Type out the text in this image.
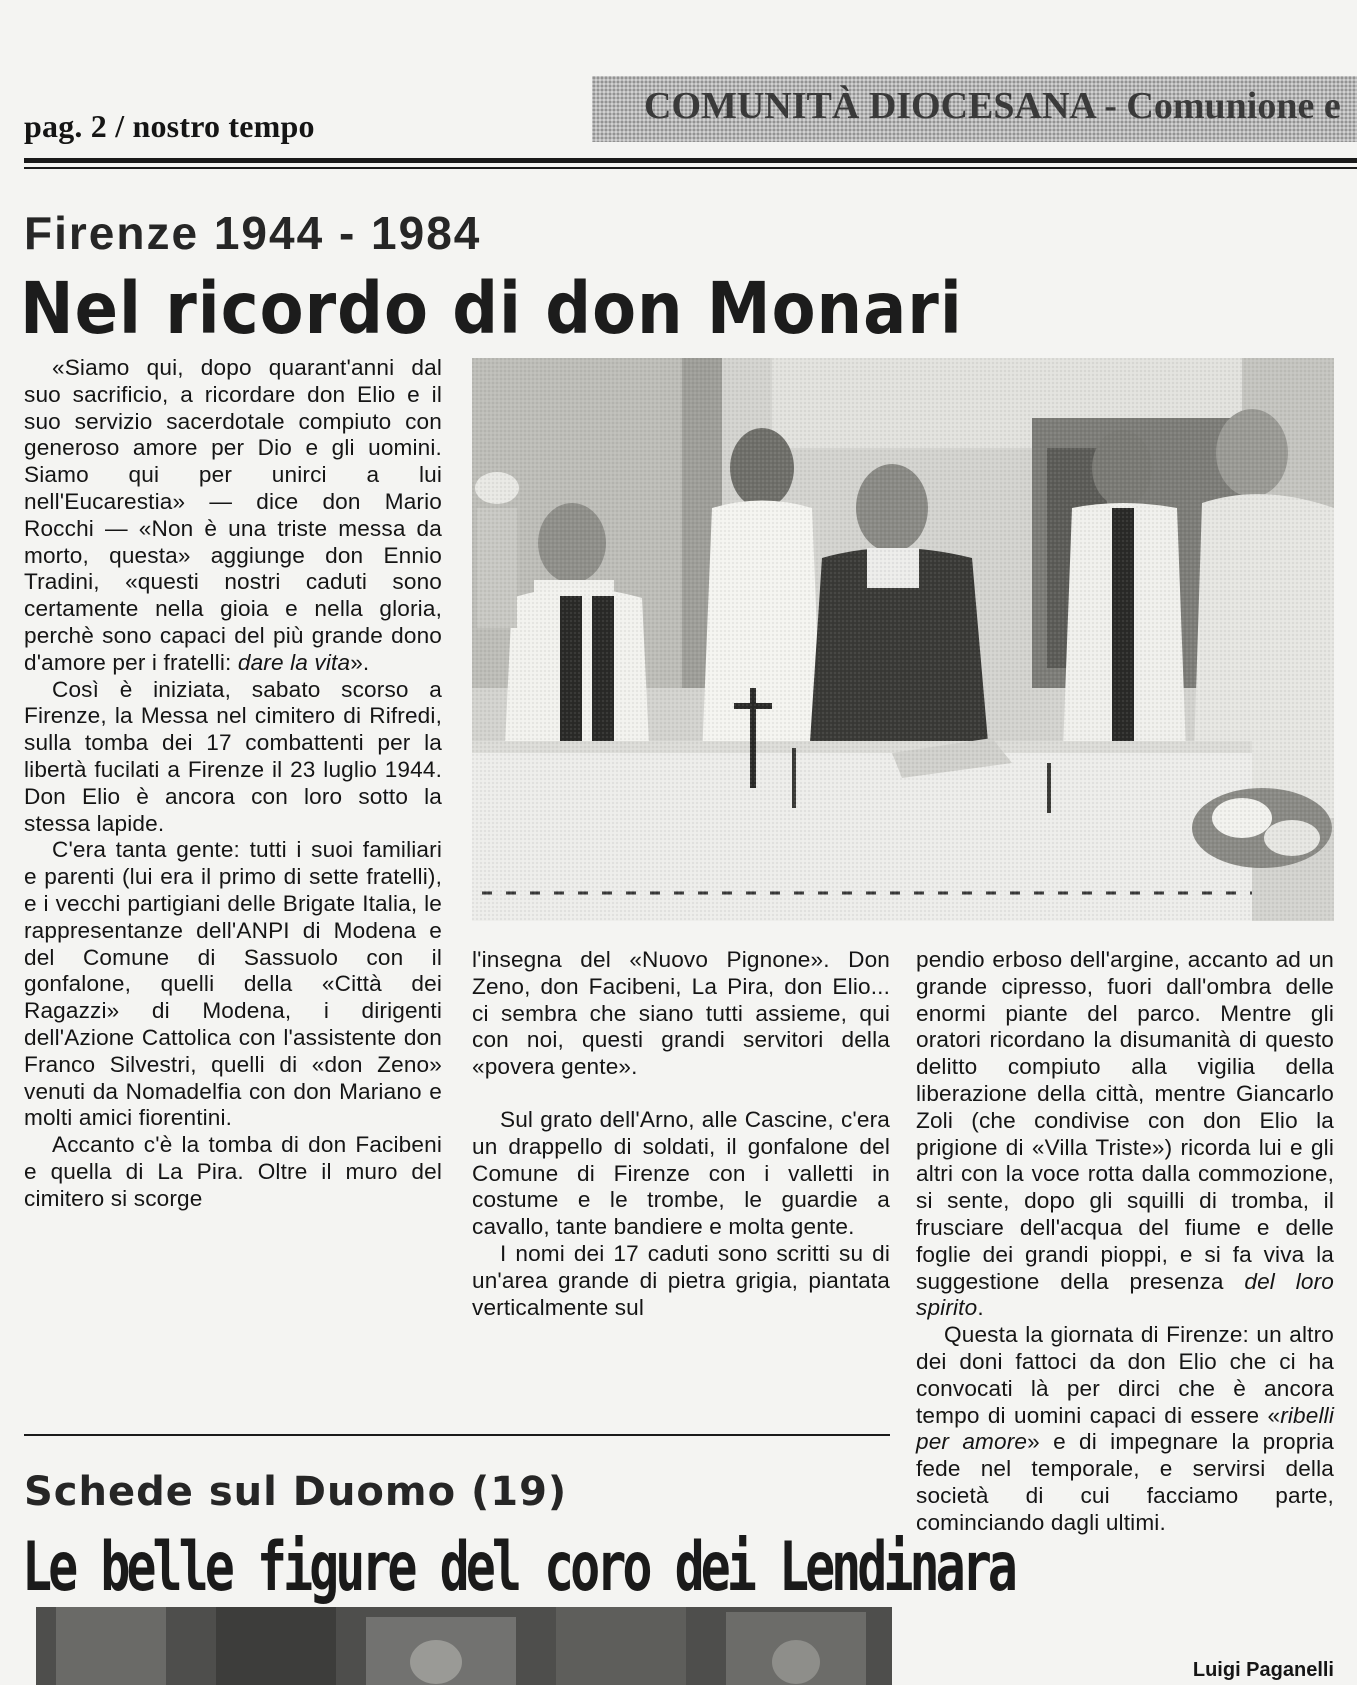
pag. 2 / nostro tempo	COMUNITÀ DIOCESANA - Comunione e
Firenze 1944 - 1984
Nel ricordo di don Monari

«Siamo qui, dopo quarant'anni dal suo sacrificio, a ricordare don Elio e il suo servizio sacerdotale compiuto con generoso amore per Dio e gli uomini. Siamo qui per unirci a lui nell'Eucarestia» — dice don Mario Rocchi — «Non è una triste messa da morto, questa» aggiunge don Ennio Tradini, «questi nostri caduti sono certamente nella gioia e nella gloria, perchè sono capaci del più grande dono d'amore per i fratelli: dare la vita».

Così è iniziata, sabato scorso a Firenze, la Messa nel cimitero di Rifredi, sulla tomba dei 17 combattenti per la libertà fucilati a Firenze il 23 luglio 1944. Don Elio è ancora con loro sotto la stessa lapide.

C'era tanta gente: tutti i suoi familiari e parenti (lui era il primo di sette fratelli), e i vecchi partigiani delle Brigate Italia, le rappresentanze dell'ANPI di Modena e del Comune di Sassuolo con il gonfalone, quelli della «Città dei Ragazzi» di Modena, i dirigenti dell'Azione Cattolica con l'assistente don Franco Silvestri, quelli di «don Zeno» venuti da Nomadelfia con don Mariano e molti amici fiorentini.

Accanto c'è la tomba di don Facibeni e quella di La Pira. Oltre il muro del cimitero si scorge

l'insegna del «Nuovo Pignone». Don Zeno, don Facibeni, La Pira, don Elio... ci sembra che siano tutti assieme, qui con noi, questi grandi servitori della «povera gente».

Sul grato dell'Arno, alle Cascine, c'era un drappello di soldati, il gonfalone del Comune di Firenze con i valletti in costume e le trombe, le guardie a cavallo, tante bandiere e molta gente.

I nomi dei 17 caduti sono scritti su di un'area grande di pietra grigia, piantata verticalmente sul

pendio erboso dell'argine, accanto ad un grande cipresso, fuori dall'ombra delle enormi piante del parco. Mentre gli oratori ricordano la disumanità di questo delitto compiuto alla vigilia della liberazione della città, mentre Giancarlo Zoli (che condivise con don Elio la prigione di «Villa Triste») ricorda lui e gli altri con la voce rotta dalla commozione, si sente, dopo gli squilli di tromba, il frusciare dell'acqua del fiume e delle foglie dei grandi pioppi, e si fa viva la suggestione della presenza del loro spirito.

Questa la giornata di Firenze: un altro dei doni fattoci da don Elio che ci ha convocati là per dirci che è ancora tempo di uomini capaci di essere «ribelli per amore» e di impegnare la propria fede nel temporale, e servirsi della società di cui facciamo parte, cominciando dagli ultimi.

Luigi Paganelli
Schede sul Duomo (19)
Le belle figure del coro dei Lendinara
